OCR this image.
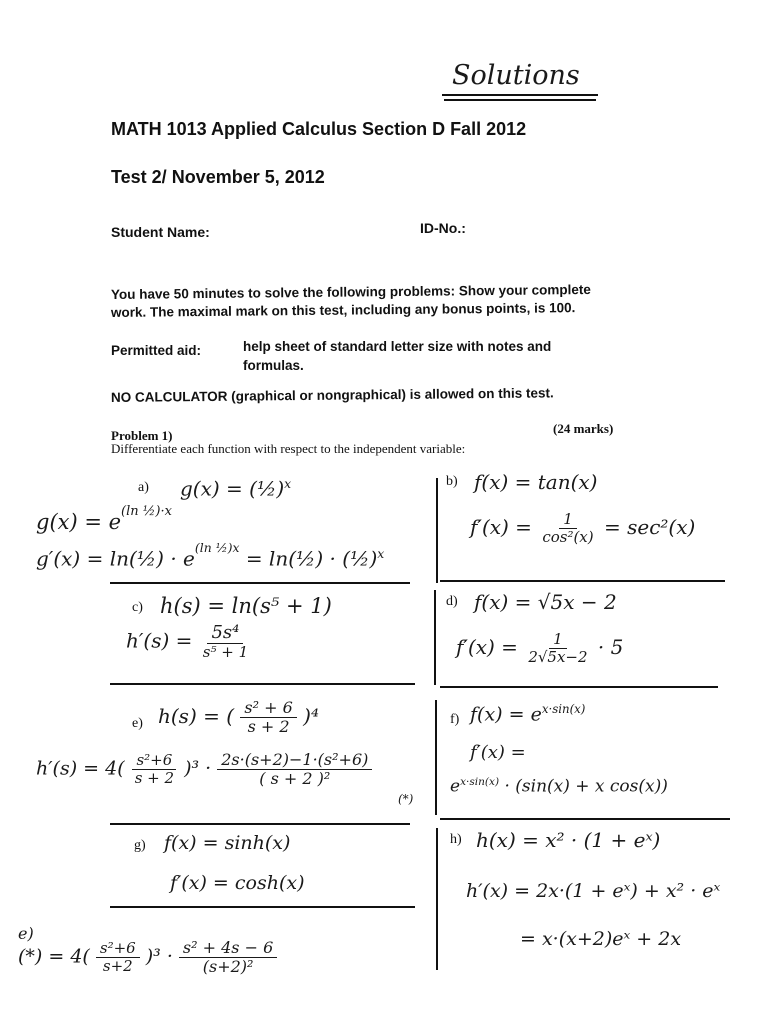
Solutions
MATH 1013 Applied Calculus Section D Fall 2012
Test 2/ November 5, 2012
Student Name:	ID-No.:
You have 50 minutes to solve the following problems: Show your complete
work. The maximal mark on this test, including any bonus points, is 100.
Permitted aid:	help sheet of standard letter size with notes and
formulas.
NO CALCULATOR (graphical or nongraphical) is allowed on this test.
Problem 1)	(24 marks)
Differentiate each function with respect to the independent variable:
a) g(x) = (½)$^x$
$g(x) = e^{(ln \frac{1}{2})\cdot x}$
g′(x) = ln(½) · $e^{(ln \frac{1}{2})x}$ = ln(½) · (½)$^x$
b) f(x) = tan(x)
$f'(x) = \frac{1}{\text{cos²(x)}} = \sec^2(x)$
c) h(s) = ln(s⁵ + 1)
$h'(s) = \frac{\text{5s⁴}}{\text{s⁵ + 1}}$
d) f(x) = √5x − 2
$f'(x) = \frac{1}{2√5x-2} \cdot 5$
e) h(s) = ( $\frac{\text{s² + 6}}{s + 2} )^4$
$h'(s) = 4( \frac{\text{s²+6}}{s + 2} )^3 \cdot \frac{\text{2s·(s+2)−1·(s²+6)}}{\text{( s + 2 )²}}$
(*)
f) $f(x) = e^{x\cdot sin(x)}$
f′(x) =
$e^{x\cdot sin(x)} \cdot (\sin(x) + x$ cos(x))
g) f(x) = sinh(x)
f′(x) = cosh(x)
h) h(x) = x² · (1 + eˣ)
h′(x) = 2x·(1 + eˣ) + x² · eˣ
= x·(x+2)eˣ + 2x
e)
(*) = $4( \frac{\text{s²+6}}{s+2} )^3 \cdot \frac{\text{s² + 4s − 6}}{\text{(s+2)²}}$
